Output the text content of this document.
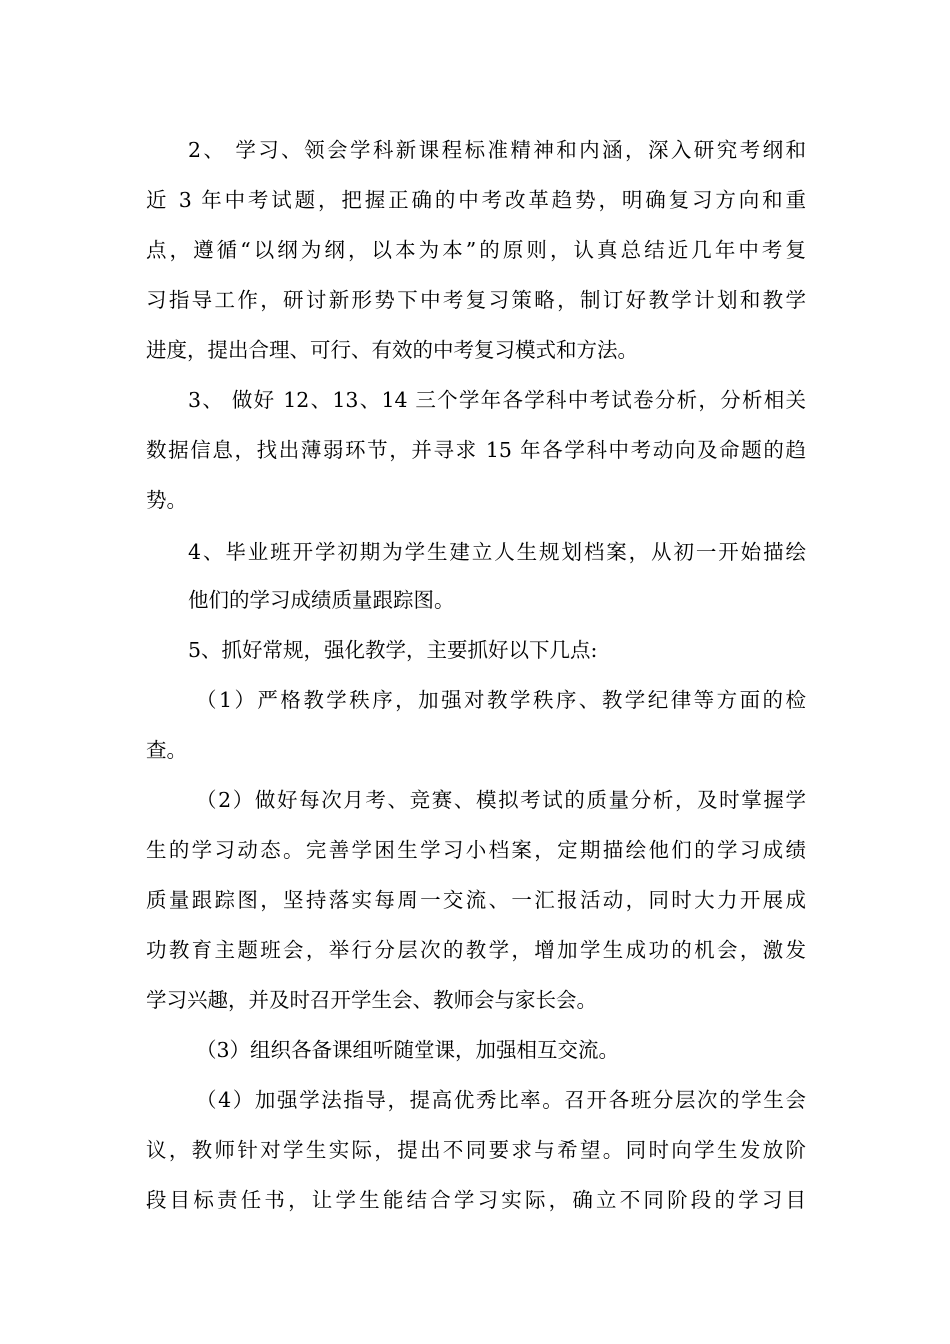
2、 学习、领会学科新课程标准精神和内涵，深入研究考纲和
近 3 年中考试题，把握正确的中考改革趋势，明确复习方向和重
点，遵循“以纲为纲，以本为本”的原则，认真总结近几年中考复
习指导工作，研讨新形势下中考复习策略，制订好教学计划和教学
进度，提出合理、可行、有效的中考复习模式和方法。
3、 做好 12、13、14 三个学年各学科中考试卷分析，分析相关
数据信息，找出薄弱环节，并寻求 15 年各学科中考动向及命题的趋
势。
4、毕业班开学初期为学生建立人生规划档案，从初一开始描绘
他们的学习成绩质量跟踪图。
5、抓好常规，强化教学，主要抓好以下几点:
（1）严格教学秩序，加强对教学秩序、教学纪律等方面的检
查。
（2）做好每次月考、竞赛、模拟考试的质量分析，及时掌握学
生的学习动态。完善学困生学习小档案，定期描绘他们的学习成绩
质量跟踪图，坚持落实每周一交流、一汇报活动，同时大力开展成
功教育主题班会，举行分层次的教学，增加学生成功的机会，激发
学习兴趣，并及时召开学生会、教师会与家长会。
（3）组织各备课组听随堂课，加强相互交流。
（4）加强学法指导，提高优秀比率。召开各班分层次的学生会
议，教师针对学生实际，提出不同要求与希望。同时向学生发放阶
段目标责任书，让学生能结合学习实际，确立不同阶段的学习目
